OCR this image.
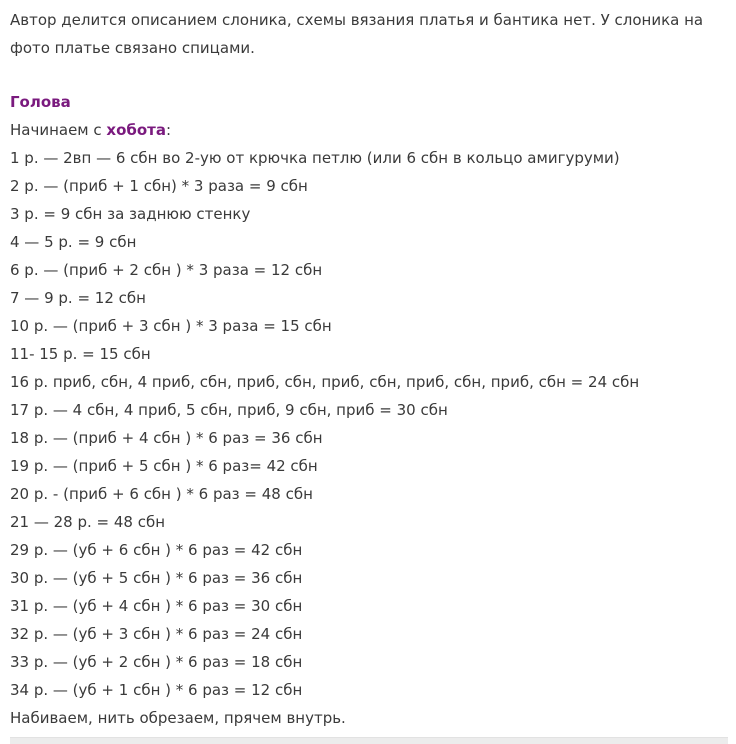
Автор делится описанием слоника, схемы вязания платья и бантика нет. У слоника на фото платье связано спицами.

Голова
Начинаем с хобота:
1 р. — 2вп — 6 сбн во 2-ую от крючка петлю (или 6 сбн в кольцо амигуруми)
2 р. — (приб + 1 сбн) * 3 раза = 9 сбн
3 р. = 9 сбн за заднюю стенку
4 — 5 р. = 9 сбн
6 р. — (приб + 2 сбн ) * 3 раза = 12 сбн
7 — 9 р. = 12 сбн
10 р. — (приб + 3 сбн ) * 3 раза = 15 сбн
11- 15 р. = 15 сбн
16 р. приб, сбн, 4 приб, сбн, приб, сбн, приб, сбн, приб, сбн, приб, сбн = 24 сбн
17 р. — 4 сбн, 4 приб, 5 сбн, приб, 9 сбн, приб = 30 сбн
18 р. — (приб + 4 сбн ) * 6 раз = 36 сбн
19 р. — (приб + 5 сбн ) * 6 раз= 42 сбн
20 р. - (приб + 6 сбн ) * 6 раз = 48 сбн
21 — 28 р. = 48 сбн
29 р. — (уб + 6 сбн ) * 6 раз = 42 сбн
30 р. — (уб + 5 сбн ) * 6 раз = 36 сбн
31 р. — (уб + 4 сбн ) * 6 раз = 30 сбн
32 р. — (уб + 3 сбн ) * 6 раз = 24 сбн
33 р. — (уб + 2 сбн ) * 6 раз = 18 сбн
34 р. — (уб + 1 сбн ) * 6 раз = 12 сбн
Набиваем, нить обрезаем, прячем внутрь.
